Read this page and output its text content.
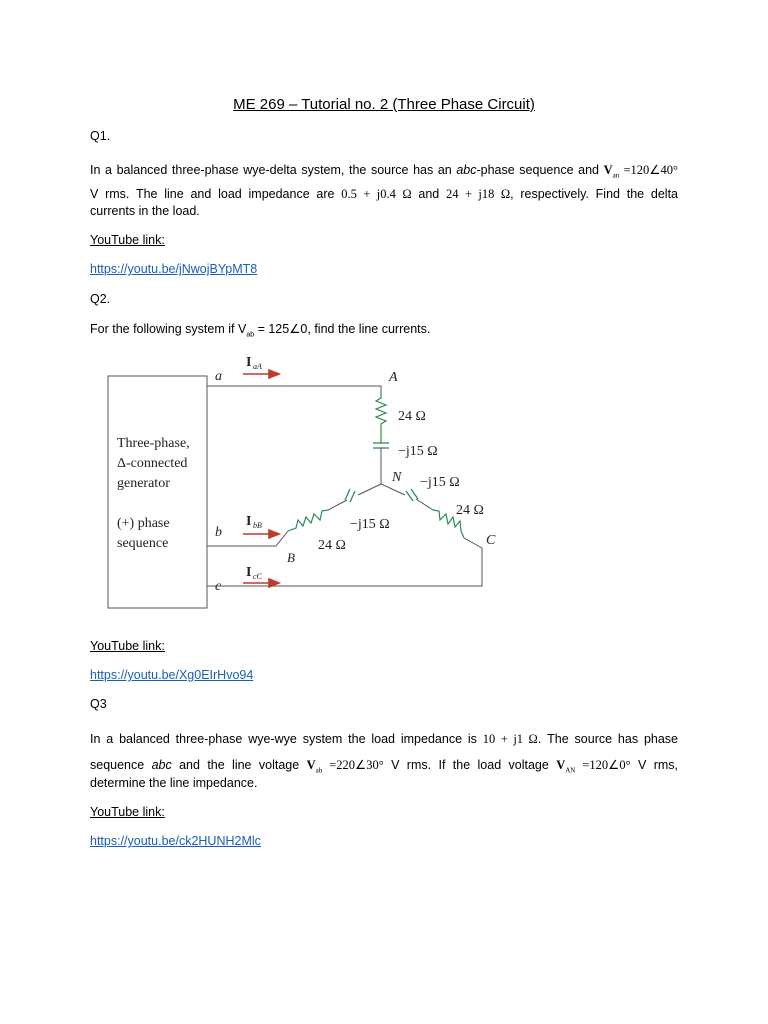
ME 269 – Tutorial no. 2 (Three Phase Circuit)
Q1.
In a balanced three-phase wye-delta system, the source has an abc-phase sequence and $V_{an}$ =120∠40°
V rms. The line and load impedance are 0.5 + j0.4 Ω and 24 + j18 Ω, respectively. Find the delta
currents in the load.
YouTube link:
https://youtu.be/jNwojBYpMT8
Q2.
For the following system if $V_{ab}$ = 125∠0, find the line currents.
Three-phase,
Δ-connected
generator
(+) phase
sequence
a
b
c
A
B
C
N
24 Ω
−j15 Ω
−j15 Ω
24 Ω
−j15 Ω
24 Ω
I aA
I bB
I cC
YouTube link:
https://youtu.be/Xg0EIrHvo94
Q3
In a balanced three-phase wye-wye system the load impedance is 10 + j1 Ω. The source has phase
sequence abc and the line voltage $V_{ab}$ =220∠30° V rms. If the load voltage $V_{AN}$ =120∠0° V rms,
determine the line impedance.
YouTube link:
https://youtu.be/ck2HUNH2Mlc
